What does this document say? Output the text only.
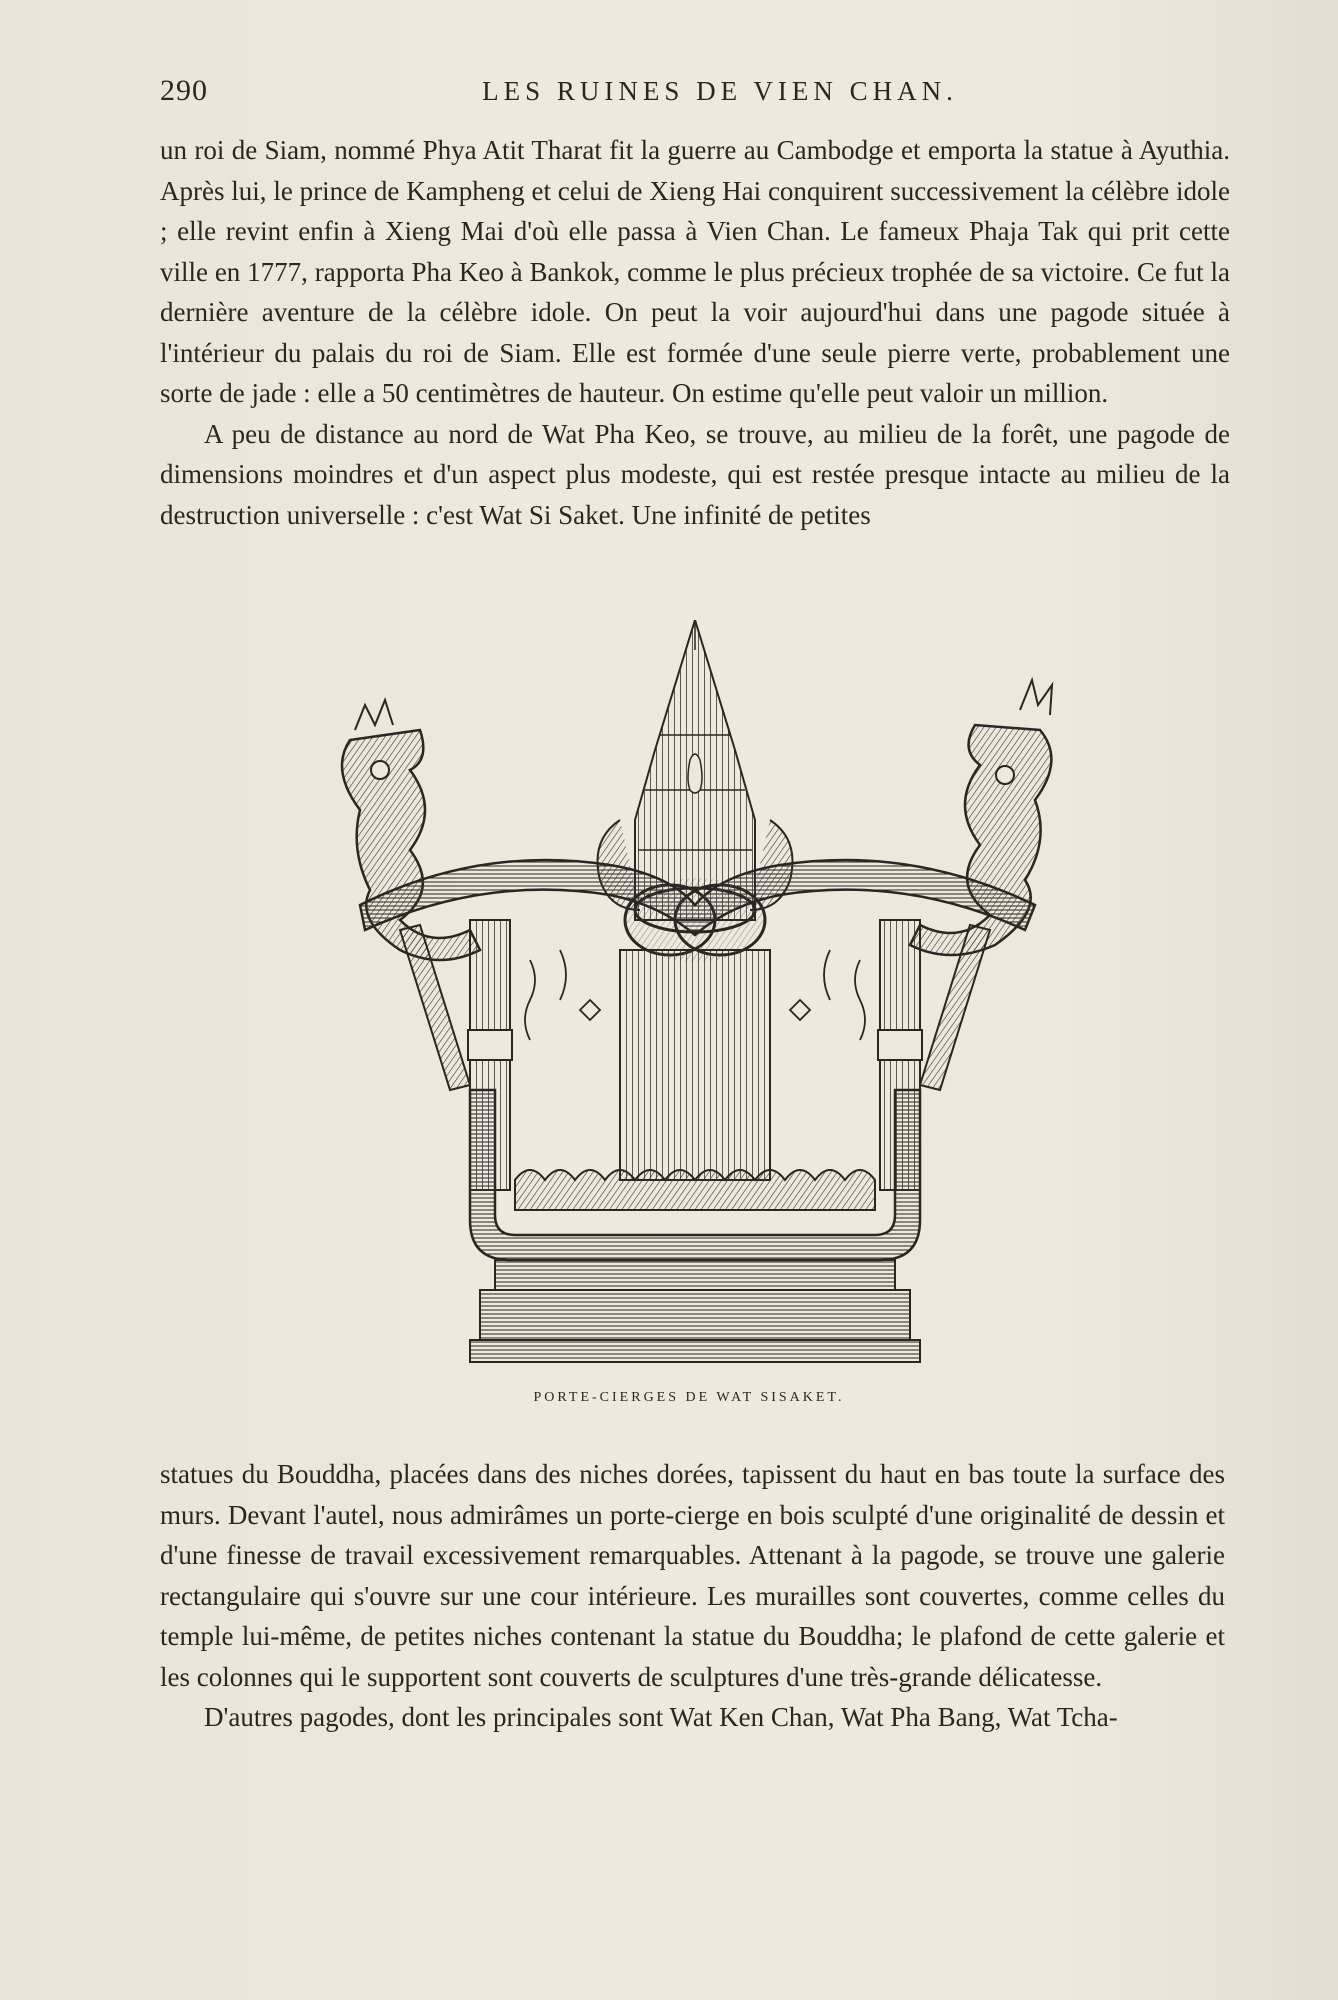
290	LES RUINES DE VIEN CHAN.

un roi de Siam, nommé Phya Atit Tharat fit la guerre au Cambodge et emporta la statue à Ayuthia. Après lui, le prince de Kampheng et celui de Xieng Hai conquirent successivement la célèbre idole ; elle revint enfin à Xieng Mai d'où elle passa à Vien Chan. Le fameux Phaja Tak qui prit cette ville en 1777, rapporta Pha Keo à Bankok, comme le plus précieux trophée de sa victoire. Ce fut la dernière aventure de la célèbre idole. On peut la voir aujourd'hui dans une pagode située à l'intérieur du palais du roi de Siam. Elle est formée d'une seule pierre verte, probablement une sorte de jade : elle a 50 centimètres de hauteur. On estime qu'elle peut valoir un million.

A peu de distance au nord de Wat Pha Keo, se trouve, au milieu de la forêt, une pagode de dimensions moindres et d'un aspect plus modeste, qui est restée presque intacte au milieu de la destruction universelle : c'est Wat Si Saket. Une infinité de petites

PORTE-CIERGES DE WAT SISAKET.

statues du Bouddha, placées dans des niches dorées, tapissent du haut en bas toute la surface des murs. Devant l'autel, nous admirâmes un porte-cierge en bois sculpté d'une originalité de dessin et d'une finesse de travail excessivement remarquables. Attenant à la pagode, se trouve une galerie rectangulaire qui s'ouvre sur une cour intérieure. Les murailles sont couvertes, comme celles du temple lui-même, de petites niches contenant la statue du Bouddha; le plafond de cette galerie et les colonnes qui le supportent sont couverts de sculptures d'une très-grande délicatesse.

D'autres pagodes, dont les principales sont Wat Ken Chan, Wat Pha Bang, Wat Tcha-
